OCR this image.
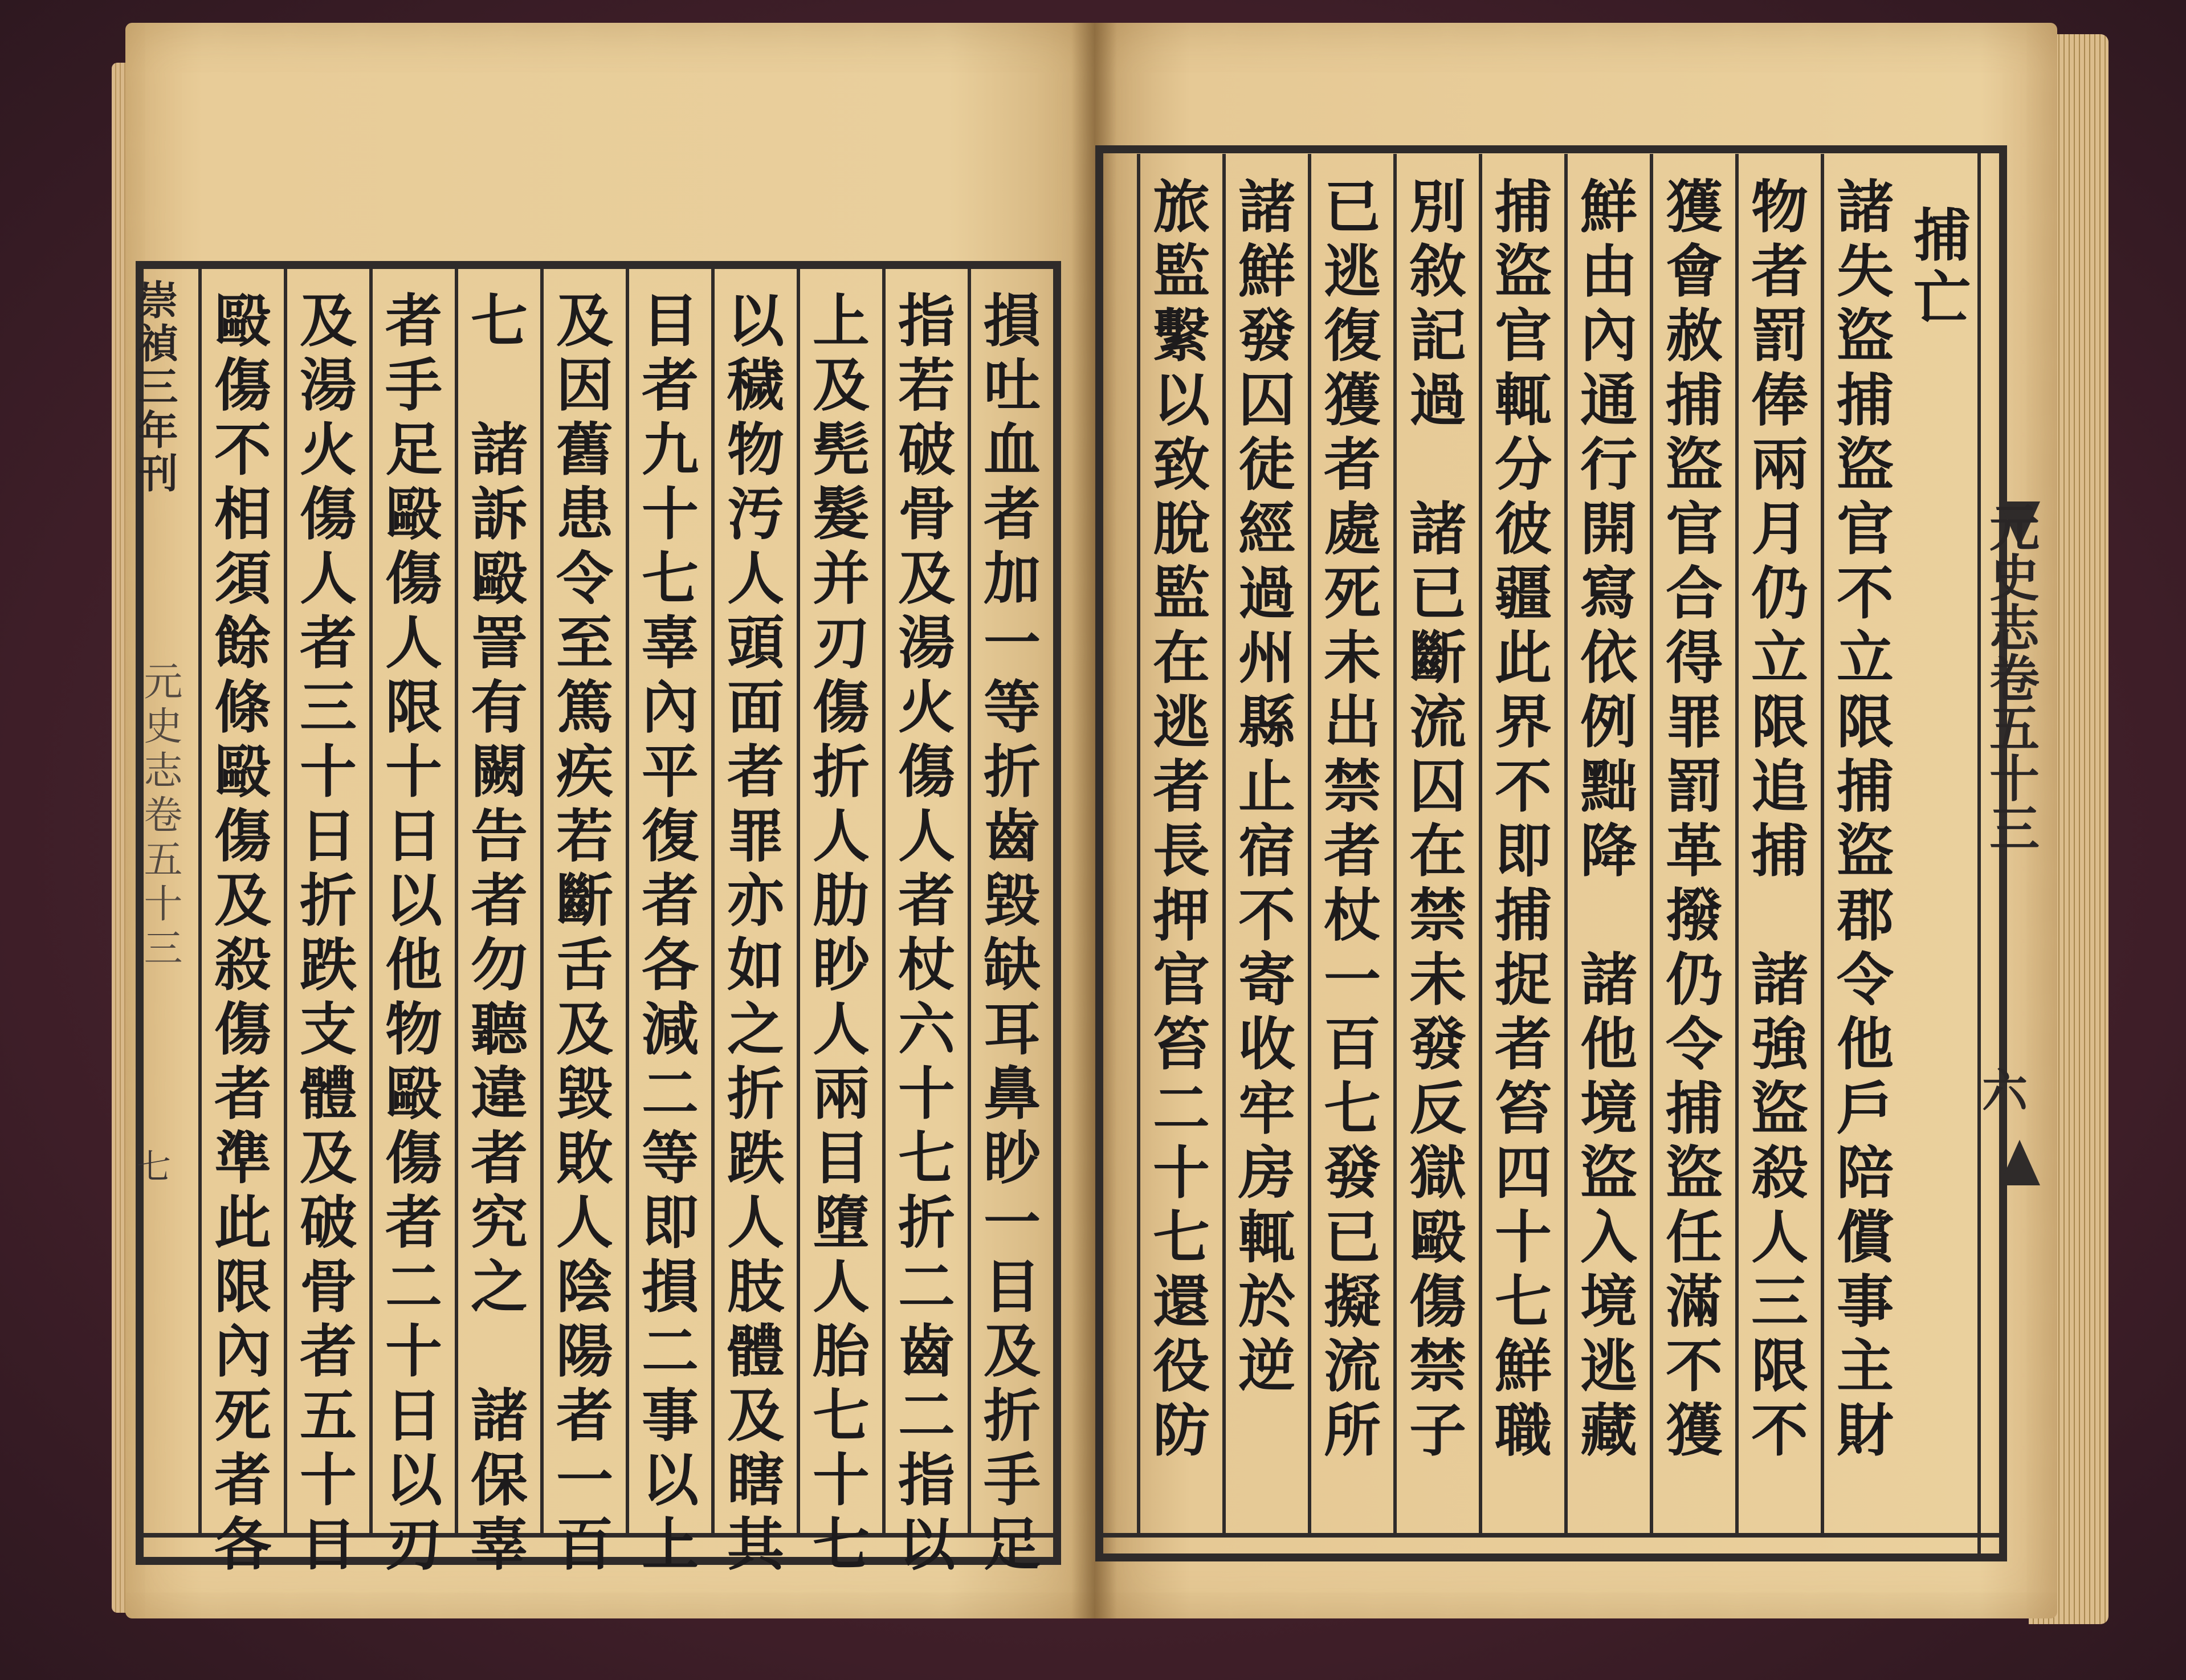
崇禎三年刊
元史志卷五十三
七	損吐血者加一等折齒毀缺耳鼻眇一目及折手足
指若破骨及湯火傷人者杖六十七折二齒二指以
上及髡髮并刃傷折人肋眇人兩目墮人胎七十七
以穢物汚人頭面者罪亦如之折跌人肢體及瞎其
目者九十七辜內平復者各減二等即損二事以上
及因舊患令至篤疾若斷舌及毀敗人陰陽者一百
七　諸訴毆詈有闕告者勿聽違者究之　諸保辜
者手足毆傷人限十日以他物毆傷者二十日以刃
及湯火傷人者三十日折跌支體及破骨者五十日
毆傷不相須餘條毆傷及殺傷者準此限內死者各	元史志卷五十三
六
捕亡
諸失盜捕盜官不立限捕盜郡令他戶陪償事主財
物者罰俸兩月仍立限追捕　諸強盜殺人三限不
獲會赦捕盜官合得罪罰革撥仍令捕盜任滿不獲
鮮由內通行開寫依例黜降　諸他境盜入境逃藏
捕盜官輒分彼疆此界不即捕捉者笞四十七鮮職
別敘記過　諸已斷流囚在禁未發反獄毆傷禁子
已逃復獲者處死未出禁者杖一百七發已擬流所
諸鮮發囚徒經過州縣止宿不寄收牢房輒於逆
旅監繫以致脫監在逃者長押官笞二十七還役防
